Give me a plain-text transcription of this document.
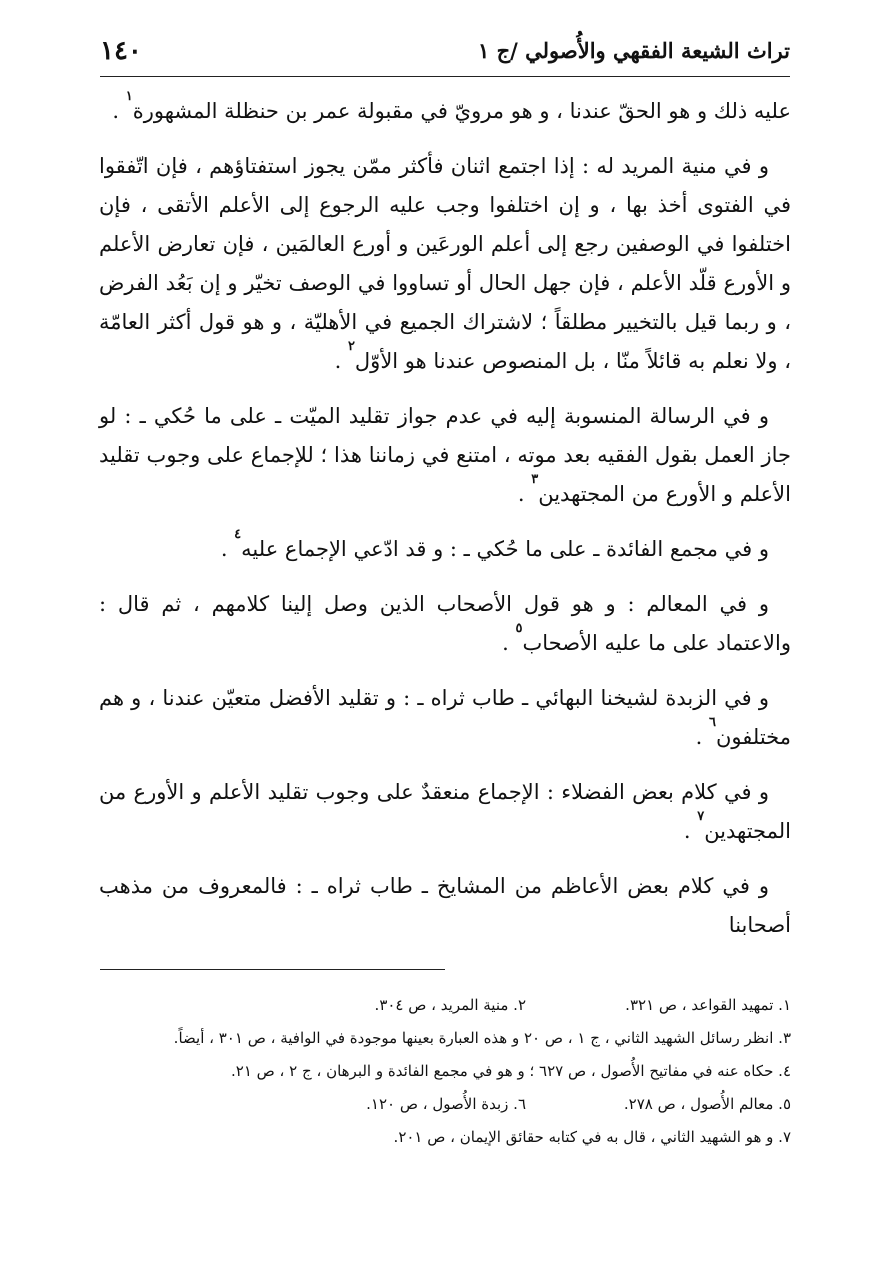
تراث الشيعة الفقهي والأُصولي /ج ١
١٤٠

عليه ذلك و هو الحقّ عندنا ، و هو مرويّ في مقبولة عمر بن حنظلة المشهورة$^١$ .

و في منية المريد له : إذا اجتمع اثنان فأكثر ممّن يجوز استفتاؤهم ، فإن اتّفقوا في الفتوى أخذ بها ، و إن اختلفوا وجب عليه الرجوع إلى الأعلم الأتقى ، فإن اختلفوا في الوصفين رجع إلى أعلم الورعَين و أورع العالمَين ، فإن تعارض الأعلم و الأورع قلّد الأعلم ، فإن جهل الحال أو تساووا في الوصف تخيّر و إن بَعُد الفرض ، و ربما قيل بالتخيير مطلقاً ؛ لاشتراك الجميع في الأهليّة ، و هو قول أكثر العامّة ، ولا نعلم به قائلاً منّا ، بل المنصوص عندنا هو الأوّل$^٢$ .

و في الرسالة المنسوبة إليه في عدم جواز تقليد الميّت ـ على ما حُكي ـ : لو جاز العمل بقول الفقيه بعد موته ، امتنع في زماننا هذا ؛ للإجماع على وجوب تقليد الأعلم و الأورع من المجتهدين$^٣$ .

و في مجمع الفائدة ـ على ما حُكي ـ : و قد ادّعي الإجماع عليه$^٤$ .

و في المعالم : و هو قول الأصحاب الذين وصل إلينا كلامهم ، ثم قال : والاعتماد على ما عليه الأصحاب$^٥$ .

و في الزبدة لشيخنا البهائي ـ طاب ثراه ـ : و تقليد الأفضل متعيّن عندنا ، و هم مختلفون$^٦$ .

و في كلام بعض الفضلاء : الإجماع منعقدٌ على وجوب تقليد الأعلم و الأورع من المجتهدين$^٧$ .

و في كلام بعض الأعاظم من المشايخ ـ طاب ثراه ـ : فالمعروف من مذهب أصحابنا

١. تمهيد القواعد ، ص ٣٢١.
٢. منية المريد ، ص ٣٠٤.
٣. انظر رسائل الشهيد الثاني ، ج ١ ، ص ٢٠ و هذه العبارة بعينها موجودة في الوافية ، ص ٣٠١ ، أيضاً.
٤. حكاه عنه في مفاتيح الأُصول ، ص ٦٢٧ ؛ و هو في مجمع الفائدة و البرهان ، ج ٢ ، ص ٢١.
٥. معالم الأُصول ، ص ٢٧٨.
٦. زبدة الأُصول ، ص ١٢٠.
٧. و هو الشهيد الثاني ، قال به في كتابه حقائق الإيمان ، ص ٢٠١.
